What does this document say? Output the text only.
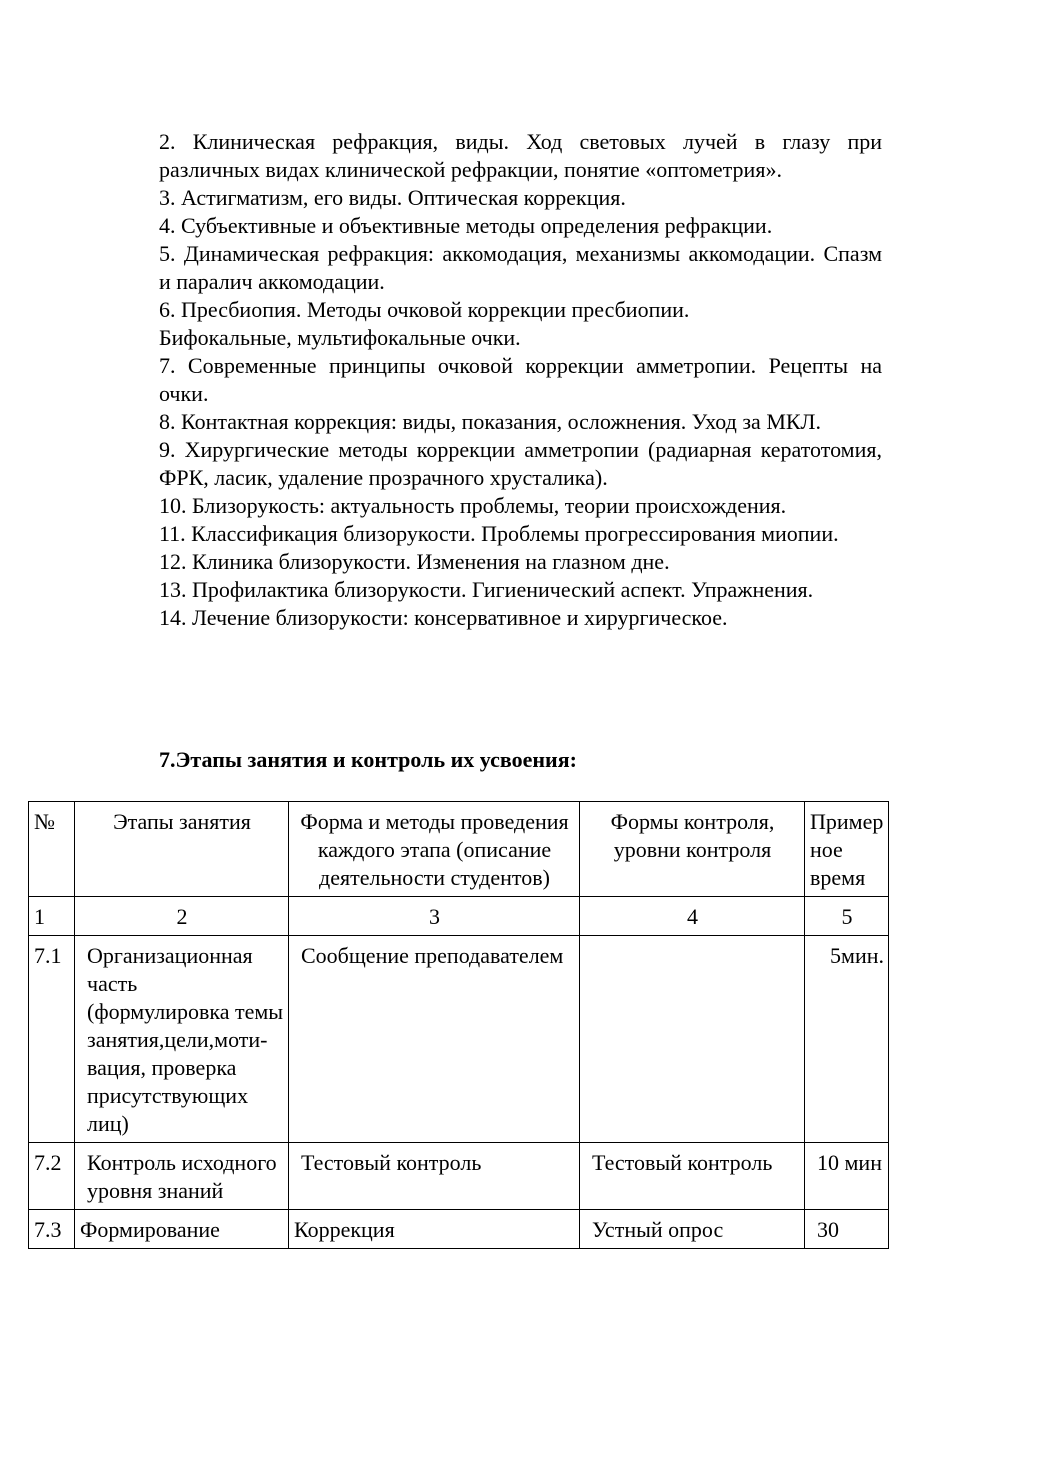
2. Клиническая рефракция, виды. Ход световых лучей в глазу при различных видах клинической рефракции, понятие «оптометрия».

3. Астигматизм, его виды. Оптическая коррекция.

4. Субъективные и объективные методы определения рефракции.

5. Динамическая рефракция: аккомодация, механизмы аккомодации. Спазм и паралич аккомодации.

6. Пресбиопия. Методы очковой коррекции пресбиопии.

Бифокальные, мультифокальные очки.

7. Современные принципы очковой коррекции амметропии. Рецепты на очки.

8. Контактная коррекция: виды, показания, осложнения. Уход за МКЛ.

9. Хирургические методы коррекции амметропии (радиарная кератотомия, ФРК, ласик, удаление прозрачного хрусталика).

10. Близорукость: актуальность проблемы, теории происхождения.

11. Классификация близорукости. Проблемы прогрессирования миопии.

12. Клиника близорукости. Изменения на глазном дне.

13. Профилактика близорукости. Гигиенический аспект. Упражнения.

14. Лечение близорукости: консервативное и хирургическое.

7.Этапы занятия и контроль их усвоения:
№	Этапы занятия	Форма и методы проведения каждого этапа (описание деятельности студентов)	Формы контроля, уровни контроля	Примерное время
1	2	3	4	5
7.1	Организационная часть (формулировка темы занятия,цели,моти-вация, проверка присутствующих лиц)	Сообщение преподавателем		5мин.
7.2	Контроль исходного уровня знаний	Тестовый контроль	Тестовый контроль	10 мин
7.3	Формирование	Коррекция	Устный опрос	30
